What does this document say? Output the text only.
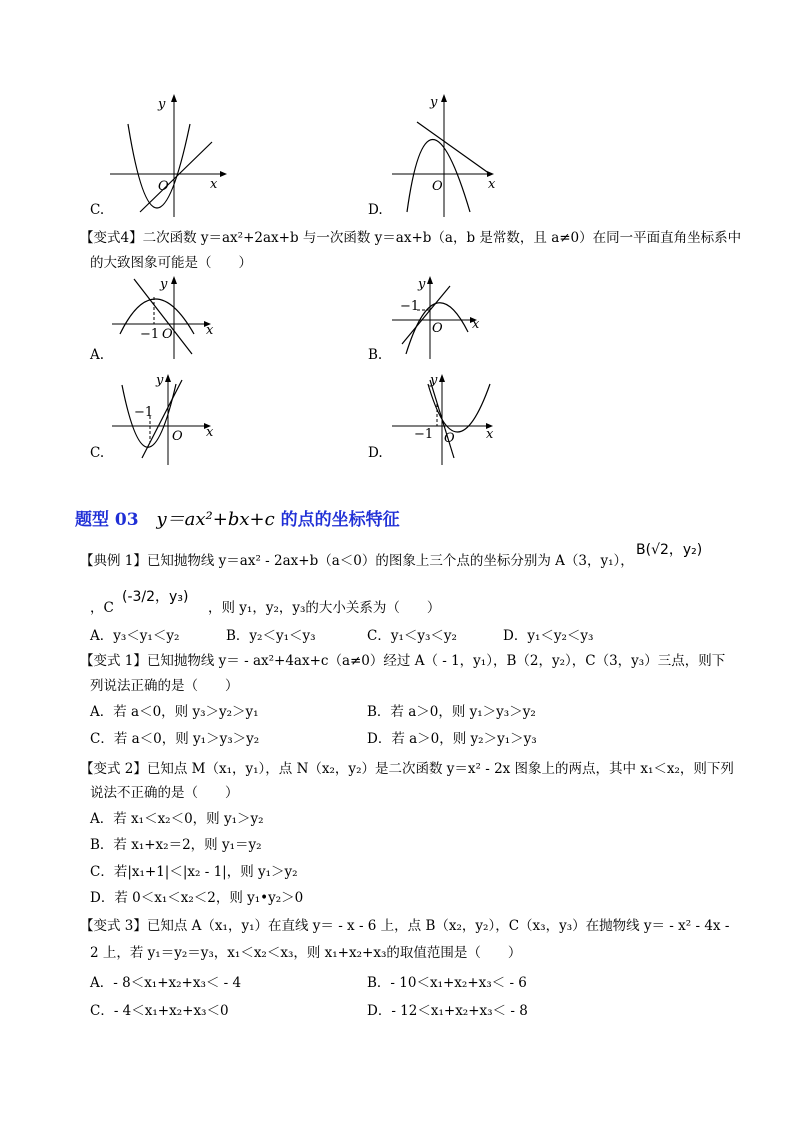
x
y
O
C.
x
y
O
D.
【变式4】二次函数 y＝ax²+2ax+b 与一次函数 y＝ax+b（a，b 是常数，且 a≠0）在同一平面直角坐标系中
的大致图象可能是（　　）
−1 O	x
y
A.
−1
O x
y
B.
−1
O x
y
C.
−1 O x
y
D.
题型 03 y＝ax²+bx+c 的点的坐标特征
【典例 1】已知抛物线 y＝ax² - 2ax+b（a＜0）的图象上三个点的坐标分别为 A（3，y₁），
B(√2，y₂)
，C
(-3/2，y₃)
，则 y₁，y₂，y₃的大小关系为（　　）
A．y₃＜y₁＜y₂	B．y₂＜y₁＜y₃	C．y₁＜y₃＜y₂	D．y₁＜y₂＜y₃
【变式 1】已知抛物线 y＝ - ax²+4ax+c（a≠0）经过 A（ - 1，y₁），B（2，y₂），C（3，y₃）三点，则下
列说法正确的是（　　）
A．若 a＜0，则 y₃＞y₂＞y₁	B．若 a＞0，则 y₁＞y₃＞y₂
C．若 a＜0，则 y₁＞y₃＞y₂	D．若 a＞0，则 y₂＞y₁＞y₃
【变式 2】已知点 M（x₁，y₁），点 N（x₂，y₂）是二次函数 y＝x² - 2x 图象上的两点，其中 x₁＜x₂，则下列
说法不正确的是（　　）
A．若 x₁＜x₂＜0，则 y₁＞y₂
B．若 x₁+x₂＝2，则 y₁＝y₂
C．若|x₁+1|＜|x₂ - 1|，则 y₁＞y₂
D．若 0＜x₁＜x₂＜2，则 y₁•y₂＞0
【变式 3】已知点 A（x₁，y₁）在直线 y＝ - x - 6 上，点 B（x₂，y₂），C（x₃，y₃）在抛物线 y＝ - x² - 4x -
2 上，若 y₁＝y₂＝y₃，x₁＜x₂＜x₃，则 x₁+x₂+x₃的取值范围是（　　）
A．- 8＜x₁+x₂+x₃＜ - 4	B．- 10＜x₁+x₂+x₃＜ - 6
C．- 4＜x₁+x₂+x₃＜0	D．- 12＜x₁+x₂+x₃＜ - 8
